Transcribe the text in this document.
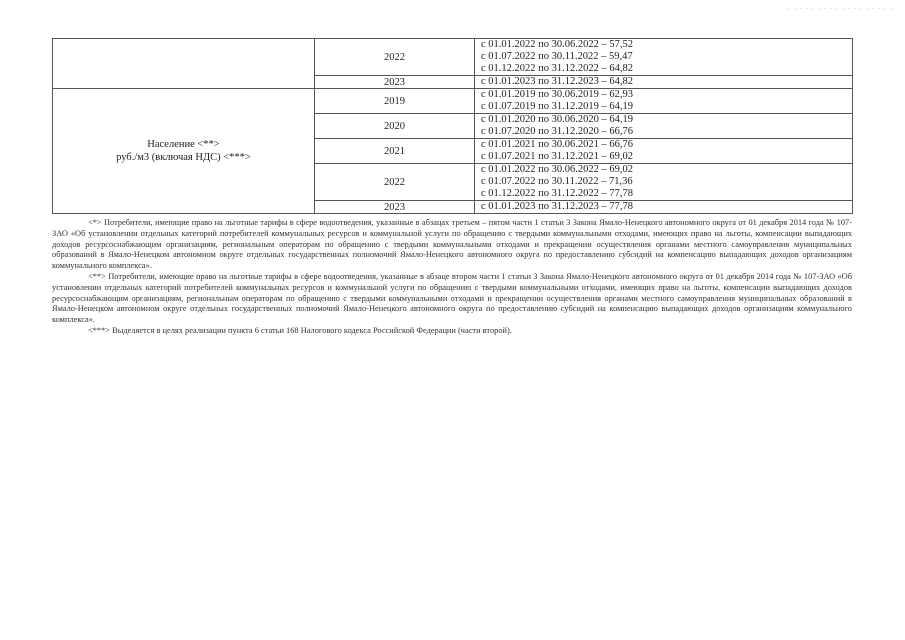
. . . . . . . . . . . . . . . . . .
	2022	с 01.01.2022 по 30.06.2022 – 57,52
с 01.07.2022 по 30.11.2022 – 59,47
с 01.12.2022 по 31.12.2022 – 64,82

	2023	с 01.01.2023 по 31.12.2023 – 64,82

Население <**>
руб./м3 (включая НДС) <***>	2019	с 01.01.2019 по 30.06.2019 – 62,93
с 01.07.2019 по 31.12.2019 – 64,19

	2020	с 01.01.2020 по 30.06.2020 – 64,19
с 01.07.2020 по 31.12.2020 – 66,76

	2021	с 01.01.2021 по 30.06.2021 – 66,76
с 01.07.2021 по 31.12.2021 – 69,02

	2022	с 01.01.2022 по 30.06.2022 – 69,02
с 01.07.2022 по 30.11.2022 – 71,36
с 01.12.2022 по 31.12.2022 – 77,78

	2023	с 01.01.2023 по 31.12.2023 – 77,78

<*> Потребители, имеющие право на льготные тарифы в сфере водоотведения, указанные в абзацах третьем – пятом части 1 статьи 3 Закона Ямало-Ненецкого автономного округа от 01 декабря 2014 года № 107-ЗАО «Об установлении отдельных категорий потребителей коммунальных ресурсов и коммунальной услуги по обращению с твердыми коммунальными отходами, имеющих право на льготы, компенсации выпадающих доходов ресурсоснабжающим организациям, региональным операторам по обращению с твердыми коммунальными отходами и прекращении осуществления органами местного самоуправления муниципальных образований в Ямало-Ненецком автономном округе отдельных государственных полномочий Ямало-Ненецкого автономного округа по предоставлению субсидий на компенсацию выпадающих доходов организациям коммунального комплекса».

<**> Потребители, имеющие право на льготные тарифы в сфере водоотведения, указанные в абзаце втором части 1 статьи 3 Закона Ямало-Ненецкого автономного округа от 01 декабря 2014 года № 107-ЗАО «Об установлении отдельных категорий потребителей коммунальных ресурсов и коммунальной услуги по обращению с твердыми коммунальными отходами, имеющих право на льготы, компенсации выпадающих доходов ресурсоснабжающим организациям, региональным операторам по обращению с твердыми коммунальными отходами и прекращении осуществления органами местного самоуправления муниципальных образований в Ямало-Ненецком автономном округе отдельных государственных полномочий Ямало-Ненецкого автономного округа по предоставлению субсидий на компенсацию выпадающих доходов организациям коммунального комплекса».

<***> Выделяется в целях реализации пункта 6 статьи 168 Налогового кодекса Российской Федерации (части второй).
